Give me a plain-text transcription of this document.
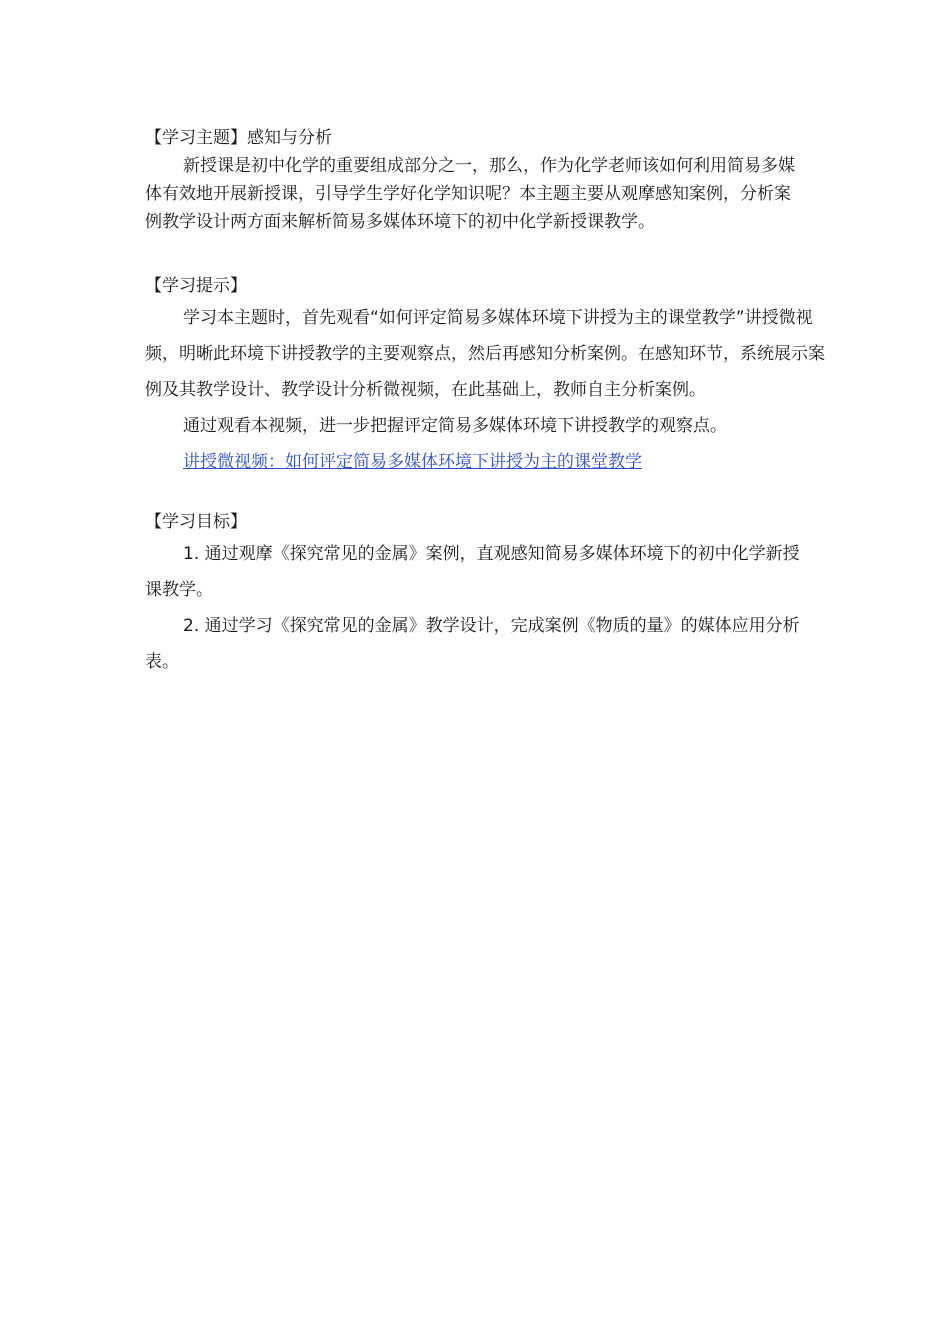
【学习主题】感知与分析

新授课是初中化学的重要组成部分之一，那么，作为化学老师该如何利用简易多媒体有效地开展新授课，引导学生学好化学知识呢？本主题主要从观摩感知案例，分析案例教学设计两方面来解析简易多媒体环境下的初中化学新授课教学。

【学习提示】

学习本主题时，首先观看“如何评定简易多媒体环境下讲授为主的课堂教学”讲授微视频，明晰此环境下讲授教学的主要观察点，然后再感知分析案例。在感知环节，系统展示案例及其教学设计、教学设计分析微视频，在此基础上，教师自主分析案例。

通过观看本视频，进一步把握评定简易多媒体环境下讲授教学的观察点。

讲授微视频：如何评定简易多媒体环境下讲授为主的课堂教学

【学习目标】

1. 通过观摩《探究常见的金属》案例，直观感知简易多媒体环境下的初中化学新授课教学。

2. 通过学习《探究常见的金属》教学设计，完成案例《物质的量》的媒体应用分析表。
